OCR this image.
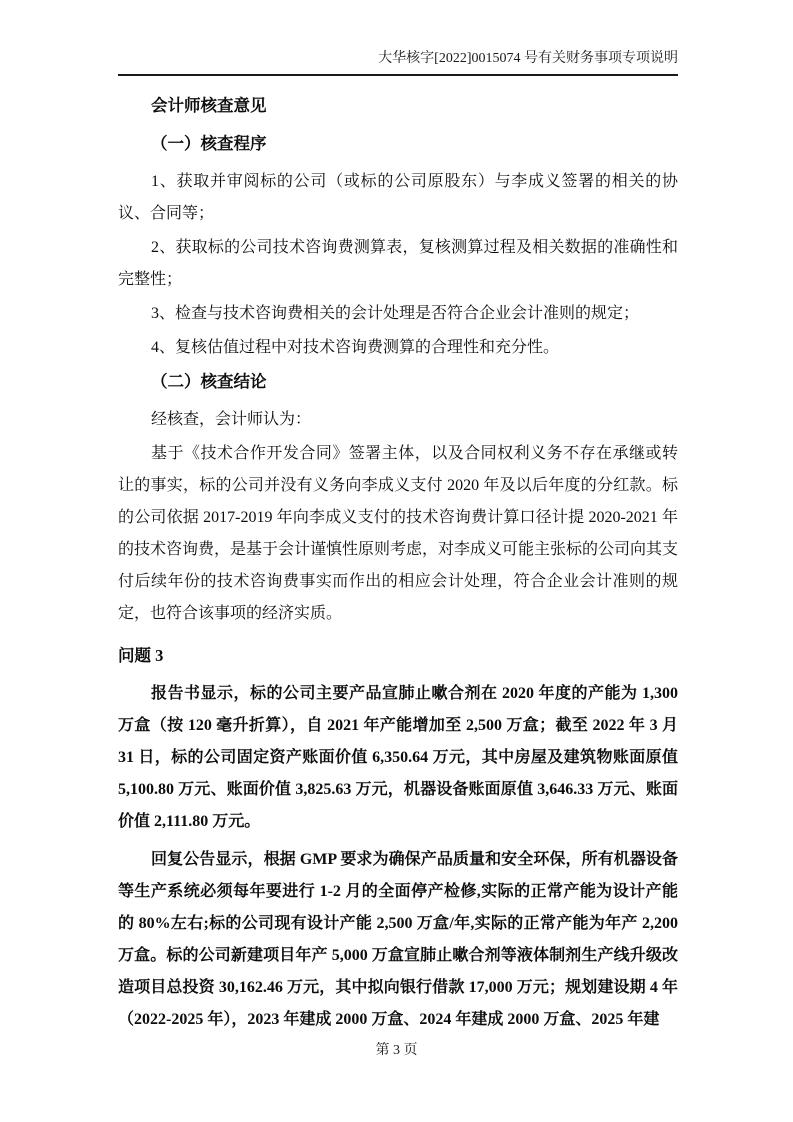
大华核字[2022]0015074 号有关财务事项专项说明
会计师核查意见
（一）核查程序

1、获取并审阅标的公司（或标的公司原股东）与李成义签署的相关的协议、合同等；

2、获取标的公司技术咨询费测算表，复核测算过程及相关数据的准确性和完整性；

3、检查与技术咨询费相关的会计处理是否符合企业会计准则的规定；

4、复核估值过程中对技术咨询费测算的合理性和充分性。

（二）核查结论

经核查，会计师认为：

基于《技术合作开发合同》签署主体，以及合同权利义务不存在承继或转让的事实，标的公司并没有义务向李成义支付 2020 年及以后年度的分红款。标的公司依据 2017-2019 年向李成义支付的技术咨询费计算口径计提 2020-2021 年的技术咨询费，是基于会计谨慎性原则考虑，对李成义可能主张标的公司向其支付后续年份的技术咨询费事实而作出的相应会计处理，符合企业会计准则的规定，也符合该事项的经济实质。

问题 3

报告书显示，标的公司主要产品宣肺止嗽合剂在 2020 年度的产能为 1,300 万盒（按 120 毫升折算），自 2021 年产能增加至 2,500 万盒；截至 2022 年 3 月 31 日，标的公司固定资产账面价值 6,350.64 万元，其中房屋及建筑物账面原值 5,100.80 万元、账面价值 3,825.63 万元，机器设备账面原值 3,646.33 万元、账面价值 2,111.80 万元。

回复公告显示，根据 GMP 要求为确保产品质量和安全环保，所有机器设备等生产系统必须每年要进行 1-2 月的全面停产检修,实际的正常产能为设计产能的 80%左右;标的公司现有设计产能 2,500 万盒/年,实际的正常产能为年产 2,200 万盒。标的公司新建项目年产 5,000 万盒宣肺止嗽合剂等液体制剂生产线升级改造项目总投资 30,162.46 万元，其中拟向银行借款 17,000 万元；规划建设期 4 年（2022-2025 年），2023 年建成 2000 万盒、2024 年建成 2000 万盒、2025 年建

第 3 页
